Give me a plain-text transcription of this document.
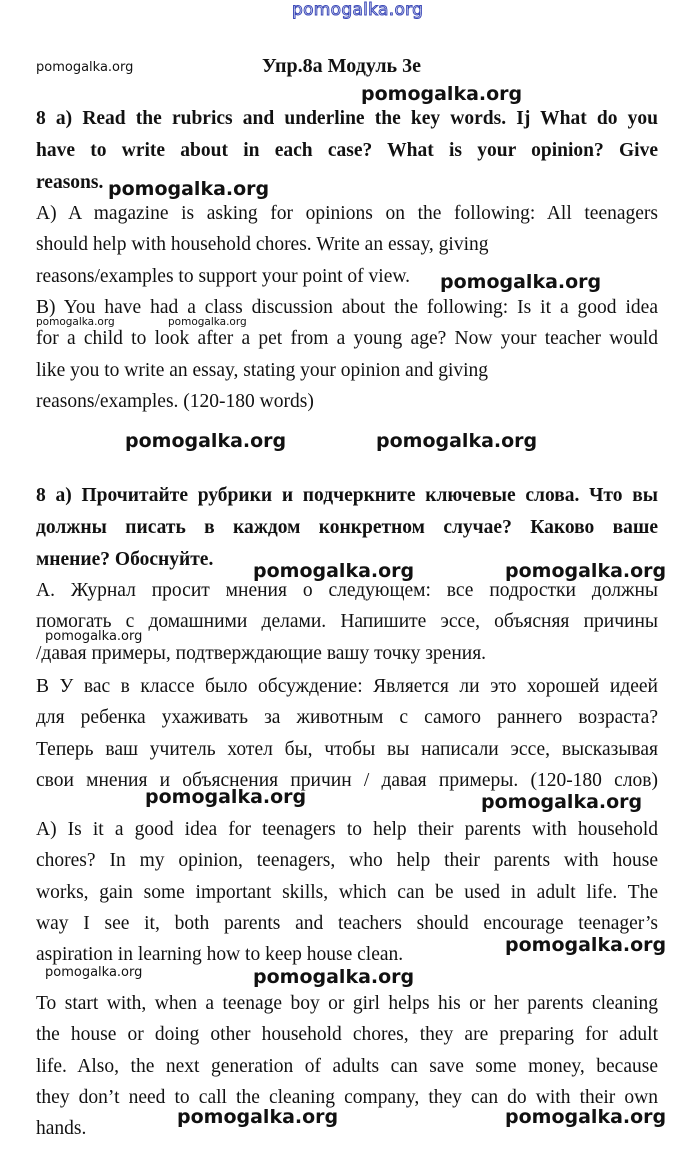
pomogalka.org
pomogalka.org	Упр.8а Модуль 3е
8 a) Read the rubrics and underline the key words. Ij What do you
have to write about in each case? What is your opinion? Give
reasons.
A) A magazine is asking for opinions on the following: All teenagers
should help with household chores. Write an essay, giving
reasons/examples to support your point of view.
B) You have had a class discussion about the following: Is it a good idea
for a child to look after a pet from a young age? Now your teacher would
like you to write an essay, stating your opinion and giving
reasons/examples. (120-180 words)
8 а) Прочитайте рубрики и подчеркните ключевые слова. Что вы
должны писать в каждом конкретном случае? Каково ваше
мнение? Обоснуйте.
А. Журнал просит мнения о следующем: все подростки должны
помогать с домашними делами. Напишите эссе, объясняя причины
/давая примеры, подтверждающие вашу точку зрения.
В У вас в классе было обсуждение: Является ли это хорошей идеей
для ребенка ухаживать за животным с самого раннего возраста?
Теперь ваш учитель хотел бы, чтобы вы написали эссе, высказывая
свои мнения и объяснения причин / давая примеры. (120-180 слов)
A) Is it a good idea for teenagers to help their parents with household
chores? In my opinion, teenagers, who help their parents with house
works, gain some important skills, which can be used in adult life. The
way I see it, both parents and teachers should encourage teenager’s
aspiration in learning how to keep house clean.
To start with, when a teenage boy or girl helps his or her parents cleaning
the house or doing other household chores, they are preparing for adult
life. Also, the next generation of adults can save some money, because
they don’t need to call the cleaning company, they can do with their own
hands.
pomogalka.org
pomogalka.org
pomogalka.org
pomogalka.org	pomogalka.org
pomogalka.org	pomogalka.org
pomogalka.org	pomogalka.org
pomogalka.org
pomogalka.org	pomogalka.org
pomogalka.org
pomogalka.org	pomogalka.org
pomogalka.org	pomogalka.org
